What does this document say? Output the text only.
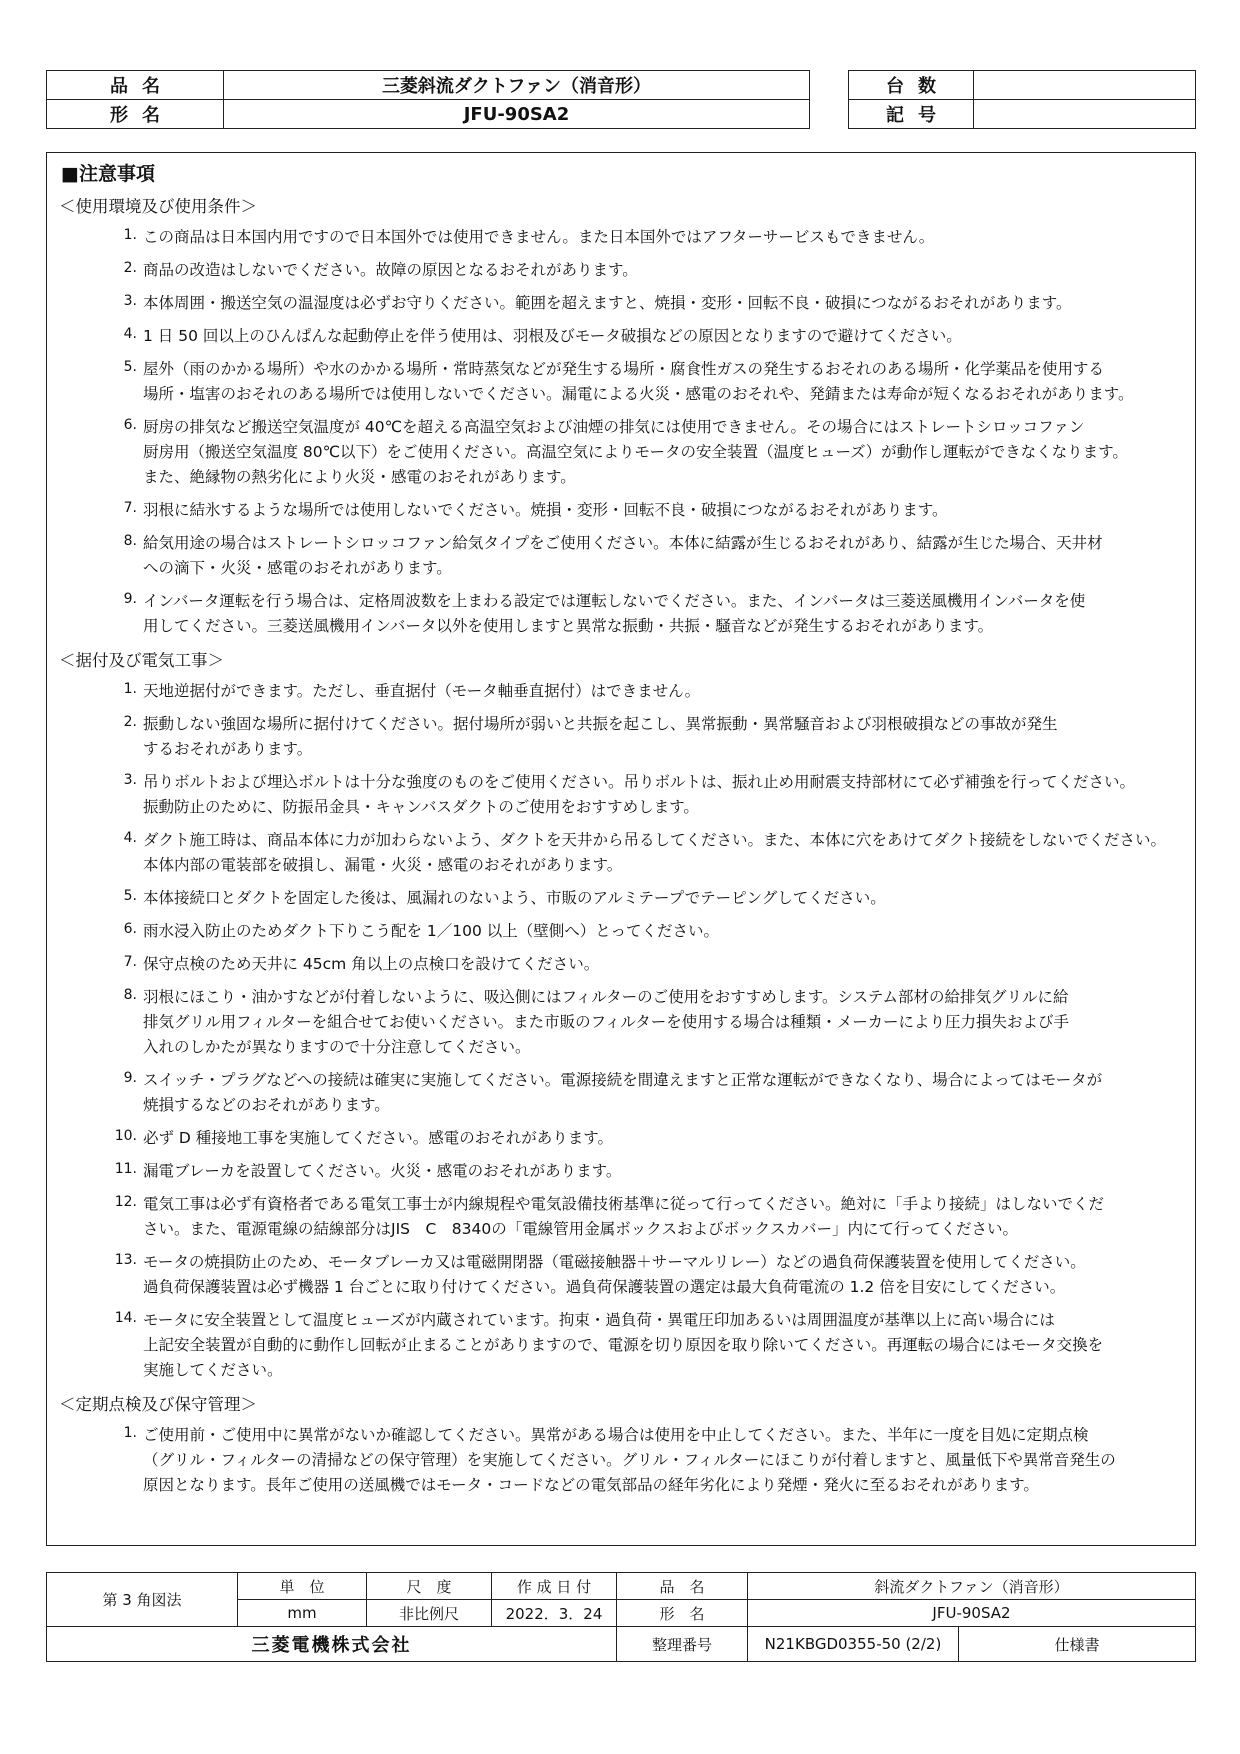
品名	三菱斜流ダクトファン（消音形）
形名	JFU-90SA2
台数	
記号	
■注意事項
＜使用環境及び使用条件＞
1. この商品は日本国内用ですので日本国外では使用できません。また日本国外ではアフターサービスもできません。
2. 商品の改造はしないでください。故障の原因となるおそれがあります。
3. 本体周囲・搬送空気の温湿度は必ずお守りください。範囲を超えますと、焼損・変形・回転不良・破損につながるおそれがあります。
4. 1 日 50 回以上のひんぱんな起動停止を伴う使用は、羽根及びモータ破損などの原因となりますので避けてください。
5. 屋外（雨のかかる場所）や水のかかる場所・常時蒸気などが発生する場所・腐食性ガスの発生するおそれのある場所・化学薬品を使用する
場所・塩害のおそれのある場所では使用しないでください。漏電による火災・感電のおそれや、発錆または寿命が短くなるおそれがあります。
6. 厨房の排気など搬送空気温度が 40℃を超える高温空気および油煙の排気には使用できません。その場合にはストレートシロッコファン
厨房用（搬送空気温度 80℃以下）をご使用ください。高温空気によりモータの安全装置（温度ヒューズ）が動作し運転ができなくなります。
また、絶縁物の熱劣化により火災・感電のおそれがあります。
7. 羽根に結氷するような場所では使用しないでください。焼損・変形・回転不良・破損につながるおそれがあります。
8. 給気用途の場合はストレートシロッコファン給気タイプをご使用ください。本体に結露が生じるおそれがあり、結露が生じた場合、天井材
への滴下・火災・感電のおそれがあります。
9. インバータ運転を行う場合は、定格周波数を上まわる設定では運転しないでください。また、インバータは三菱送風機用インバータを使
用してください。三菱送風機用インバータ以外を使用しますと異常な振動・共振・騒音などが発生するおそれがあります。
＜据付及び電気工事＞
1. 天地逆据付ができます。ただし、垂直据付（モータ軸垂直据付）はできません。
2. 振動しない強固な場所に据付けてください。据付場所が弱いと共振を起こし、異常振動・異常騒音および羽根破損などの事故が発生
するおそれがあります。
3. 吊りボルトおよび埋込ボルトは十分な強度のものをご使用ください。吊りボルトは、振れ止め用耐震支持部材にて必ず補強を行ってください。
振動防止のために、防振吊金具・キャンバスダクトのご使用をおすすめします。
4. ダクト施工時は、商品本体に力が加わらないよう、ダクトを天井から吊るしてください。また、本体に穴をあけてダクト接続をしないでください。
本体内部の電装部を破損し、漏電・火災・感電のおそれがあります。
5. 本体接続口とダクトを固定した後は、風漏れのないよう、市販のアルミテープでテーピングしてください。
6. 雨水浸入防止のためダクト下りこう配を 1／100 以上（壁側へ）とってください。
7. 保守点検のため天井に 45cm 角以上の点検口を設けてください。
8. 羽根にほこり・油かすなどが付着しないように、吸込側にはフィルターのご使用をおすすめします。システム部材の給排気グリルに給
排気グリル用フィルターを組合せてお使いください。また市販のフィルターを使用する場合は種類・メーカーにより圧力損失および手
入れのしかたが異なりますので十分注意してください。
9. スイッチ・プラグなどへの接続は確実に実施してください。電源接続を間違えますと正常な運転ができなくなり、場合によってはモータが
焼損するなどのおそれがあります。
10. 必ず D 種接地工事を実施してください。感電のおそれがあります。
11. 漏電ブレーカを設置してください。火災・感電のおそれがあります。
12. 電気工事は必ず有資格者である電気工事士が内線規程や電気設備技術基準に従って行ってください。絶対に「手より接続」はしないでくだ
さい。また、電源電線の結線部分はJIS　C　8340の「電線管用金属ボックスおよびボックスカバー」内にて行ってください。
13. モータの焼損防止のため、モータブレーカ又は電磁開閉器（電磁接触器＋サーマルリレー）などの過負荷保護装置を使用してください。
過負荷保護装置は必ず機器 1 台ごとに取り付けてください。過負荷保護装置の選定は最大負荷電流の 1.2 倍を目安にしてください。
14. モータに安全装置として温度ヒューズが内蔵されています。拘束・過負荷・異電圧印加あるいは周囲温度が基準以上に高い場合には
上記安全装置が自動的に動作し回転が止まることがありますので、電源を切り原因を取り除いてください。再運転の場合にはモータ交換を
実施してください。
＜定期点検及び保守管理＞
1. ご使用前・ご使用中に異常がないか確認してください。異常がある場合は使用を中止してください。また、半年に一度を目処に定期点検
（グリル・フィルターの清掃などの保守管理）を実施してください。グリル・フィルターにほこりが付着しますと、風量低下や異常音発生の
原因となります。長年ご使用の送風機ではモータ・コードなどの電気部品の経年劣化により発煙・発火に至るおそれがあります。
第 3 角図法	単　位	尺　度	作 成 日 付	品　名	斜流ダクトファン（消音形）	
	mm	非比例尺	2022．3．24	形　名	JFU-90SA2	
三菱電機株式会社				整理番号	N21KBGD0355-50 (2/2)	仕様書
